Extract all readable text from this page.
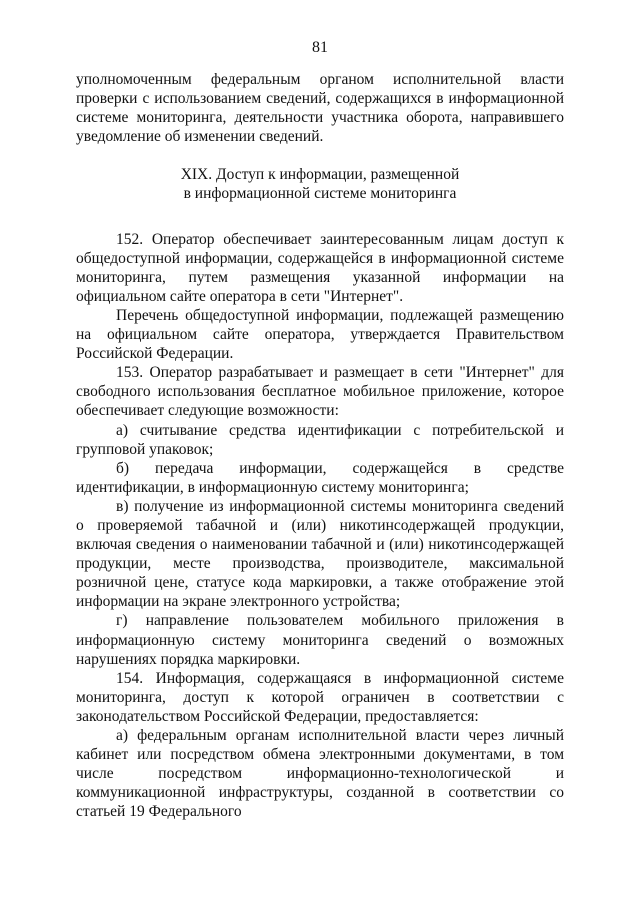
81

уполномоченным федеральным органом исполнительной власти проверки с использованием сведений, содержащихся в информационной системе мониторинга, деятельности участника оборота, направившего уведомление об изменении сведений.

XIX. Доступ к информации, размещенной
в информационной системе мониторинга

152. Оператор обеспечивает заинтересованным лицам доступ к общедоступной информации, содержащейся в информационной системе мониторинга, путем размещения указанной информации на официальном сайте оператора в сети "Интернет".

Перечень общедоступной информации, подлежащей размещению на официальном сайте оператора, утверждается Правительством Российской Федерации.

153. Оператор разрабатывает и размещает в сети "Интернет" для свободного использования бесплатное мобильное приложение, которое обеспечивает следующие возможности:

а) считывание средства идентификации с потребительской и групповой упаковок;

б) передача информации, содержащейся в средстве идентификации, в информационную систему мониторинга;

в) получение из информационной системы мониторинга сведений о проверяемой табачной и (или) никотинсодержащей продукции, включая сведения о наименовании табачной и (или) никотинсодержащей продукции, месте производства, производителе, максимальной розничной цене, статусе кода маркировки, а также отображение этой информации на экране электронного устройства;

г) направление пользователем мобильного приложения в информационную систему мониторинга сведений о возможных нарушениях порядка маркировки.

154. Информация, содержащаяся в информационной системе мониторинга, доступ к которой ограничен в соответствии с законодательством Российской Федерации, предоставляется:

а) федеральным органам исполнительной власти через личный кабинет или посредством обмена электронными документами, в том числе посредством информационно-технологической и коммуникационной инфраструктуры, созданной в соответствии со статьей 19 Федерального
